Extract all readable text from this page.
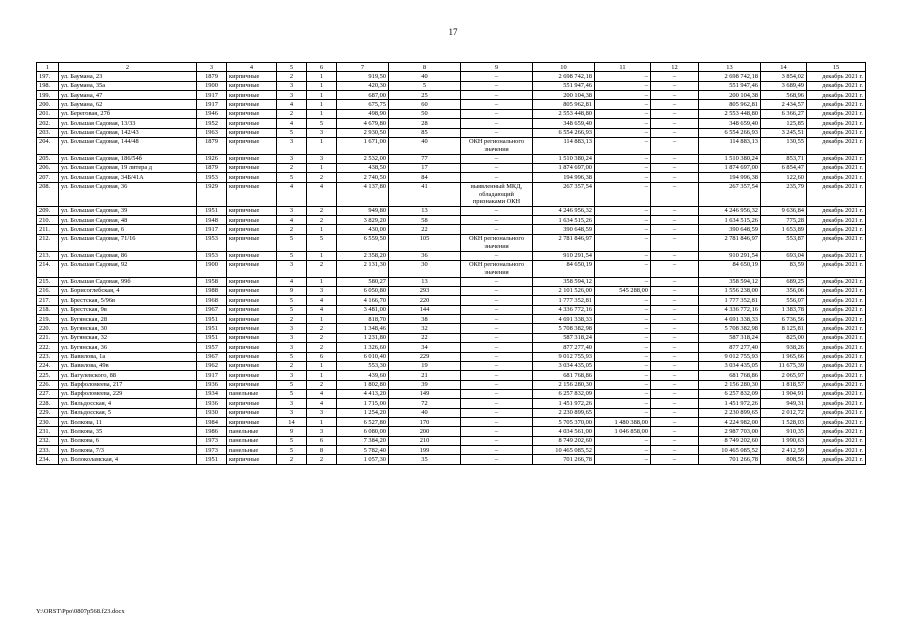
17
1	2	3	4	5	6	7	8	9	10	11	12	13	14	15
197.	ул. Баумана, 23	1879	кирпичные	2	1	919,50	40	–	2 698 742,18	–	–	2 698 742,18	3 854,02	декабрь 2021 г.
198.	ул. Баумана, 35а	1900	кирпичные	3	1	420,30	5	–	551 947,46	–	–	551 947,46	3 689,49	декабрь 2021 г.
199.	ул. Баумана, 47	1917	кирпичные	3	1	687,00	25	–	200 104,38	–	–	200 104,38	568,96	декабрь 2021 г.
200.	ул. Баумана, 62	1917	кирпичные	4	1	675,75	60	–	805 962,81	–	–	805 962,81	2 434,57	декабрь 2021 г.
201.	ул. Береговая, 27б	1946	кирпичные	2	1	498,90	50	–	2 553 448,80	–	–	2 553 448,80	6 366,27	декабрь 2021 г.
202.	ул. Большая Садовая, 13/33	1952	кирпичные	4	5	4 679,80	28	–	348 659,40	–	–	348 659,40	125,85	декабрь 2021 г.
203.	ул. Большая Садовая, 142/43	1963	кирпичные	5	3	2 930,50	85	–	6 554 266,93	–	–	6 554 266,93	3 245,51	декабрь 2021 г.
204.	ул. Большая Садовая, 144/48	1879	кирпичные	3	1	1 671,00	40	ОКН регионального значения	114 883,13	–	–	114 883,13	130,55	декабрь 2021 г.
205.	ул. Большая Садовая, 186/54б	1926	кирпичные	3	3	2 532,00	77	–	1 510 380,24	–	–	1 510 380,24	853,71	декабрь 2021 г.
206.	ул. Большая Садовая, 19 литера д	1879	кирпичные	2	1	438,50	17	–	1 874 697,00	–	–	1 874 697,00	6 854,47	декабрь 2021 г.
207.	ул. Большая Садовая, 34Б/41А	1953	кирпичные	5	2	2 740,50	84	–	194 996,38	–	–	194 996,38	122,60	декабрь 2021 г.
208.	ул. Большая Садовая, 36	1929	кирпичные	4	4	4 137,80	41	выявленный МКД, обладающий признаками ОКН	267 357,54	–	–	267 357,54	235,79	декабрь 2021 г.
209.	ул. Большая Садовая, 39	1951	кирпичные	3	2	949,80	13	–	4 246 956,32	–	–	4 246 956,32	9 636,84	декабрь 2021 г.
210.	ул. Большая Садовая, 48	1948	кирпичные	4	2	3 829,20	58	–	1 634 515,26	–	–	1 634 515,26	775,28	декабрь 2021 г.
211.	ул. Большая Садовая, 6	1917	кирпичные	2	1	430,00	22	–	390 648,59	–	–	390 648,59	1 653,89	декабрь 2021 г.
212.	ул. Большая Садовая, 71/16	1953	кирпичные	5	5	6 559,50	105	ОКН регионального значения	2 781 846,97	–	–	2 781 846,97	553,87	декабрь 2021 г.
213.	ул. Большая Садовая, 86	1953	кирпичные	5	1	2 358,20	36	–	910 291,54	–	–	910 291,54	693,04	декабрь 2021 г.
214.	ул. Большая Садовая, 92	1900	кирпичные	3	2	2 131,30	30	ОКН регионального значения	84 650,19	–	–	84 650,19	83,59	декабрь 2021 г.
215.	ул. Большая Садовая, 99б	1958	кирпичные	4	1	580,27	13	–	358 594,12	–	–	358 594,12	689,25	декабрь 2021 г.
216.	ул. Борисоглебская, 4	1988	кирпичные	9	3	6 050,80	293	–	2 101 526,00	545 288,00	–	1 556 238,00	356,06	декабрь 2021 г.
217.	ул. Брестская, 5/96в	1968	кирпичные	5	4	4 166,70	220	–	1 777 352,81	–	–	1 777 352,81	556,07	декабрь 2021 г.
218.	ул. Брестская, 9в	1967	кирпичные	5	4	3 481,00	144	–	4 336 772,16	–	–	4 336 772,16	1 383,78	декабрь 2021 г.
219.	ул. Бугянская, 28	1951	кирпичные	2	1	818,70	38	–	4 691 338,33	–	–	4 691 338,33	6 736,56	декабрь 2021 г.
220.	ул. Бугянская, 30	1951	кирпичные	3	2	1 348,46	32	–	5 708 382,98	–	–	5 708 382,98	8 125,81	декабрь 2021 г.
221.	ул. Бугянская, 32	1951	кирпичные	3	2	1 231,80	22	–	587 318,24	–	–	587 318,24	825,00	декабрь 2021 г.
222.	ул. Бугянская, 36	1957	кирпичные	3	2	1 326,60	34	–	877 277,40	–	–	877 277,40	938,26	декабрь 2021 г.
223.	ул. Вавилова, 1а	1967	кирпичные	5	6	6 010,40	229	–	9 012 755,93	–	–	9 012 755,93	1 965,66	декабрь 2021 г.
224.	ул. Вавилова, 49в	1962	кирпичные	2	1	553,30	19	–	3 034 435,05	–	–	3 034 435,05	11 675,39	декабрь 2021 г.
225.	ул. Вагулевского, 88	1917	кирпичные	3	1	439,60	21	–	681 768,86	–	–	681 768,86	2 065,97	декабрь 2021 г.
226.	ул. Варфоломеева, 217	1936	кирпичные	5	2	1 802,80	39	–	2 156 280,30	–	–	2 156 280,30	1 818,57	декабрь 2021 г.
227.	ул. Варфоломеева, 229	1934	панельные	5	4	4 413,20	149	–	6 257 832,09	–	–	6 257 832,09	1 904,91	декабрь 2021 г.
228.	ул. Вяльдосская, 4	1936	кирпичные	3	4	1 715,00	72	–	1 451 972,26	–	–	1 451 972,26	949,31	декабрь 2021 г.
229.	ул. Вяльдосская, 5	1930	кирпичные	3	3	1 254,20	40	–	2 230 899,65	–	–	2 230 899,65	2 012,72	декабрь 2021 г.
230.	ул. Волкова, 11	1984	кирпичные	14	1	6 527,80	170	–	5 705 370,00	1 480 388,00	–	4 224 982,00	1 528,03	декабрь 2021 г.
231.	ул. Волкова, 35	1986	панельные	9	3	6 080,00	200	–	4 034 561,00	1 046 858,00	–	2 987 703,00	910,35	декабрь 2021 г.
232.	ул. Волкова, 6	1973	панельные	5	6	7 384,20	210	–	8 749 202,60	–	–	8 749 202,60	1 990,63	декабрь 2021 г.
233.	ул. Волкова, 7/3	1973	панельные	5	8	5 782,40	199	–	10 465 085,52	–	–	10 465 085,52	2 412,59	декабрь 2021 г.
234.	ул. Волоколамская, 4	1951	кирпичные	2	2	1 057,30	35	–	701 266,78	–	–	701 266,78	808,56	декабрь 2021 г.
Y:\ORST\Ppo\0807p568.f23.docx
